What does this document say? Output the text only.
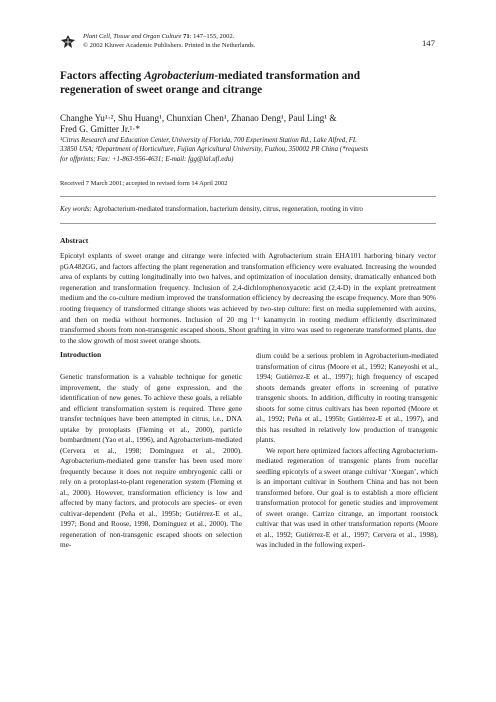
Plant Cell, Tissue and Organ Culture 71: 147–155, 2002.
© 2002 Kluwer Academic Publishers. Printed in the Netherlands.	147
Factors affecting Agrobacterium-mediated transformation and
regeneration of sweet orange and citrange
Changhe Yu¹·², Shu Huang¹, Chunxian Chen¹, Zhanao Deng¹, Paul Ling¹ &
Fred G. Gmitter Jr.¹·*
¹Citrus Research and Education Center, University of Florida, 700 Experiment Station Rd., Lake Alfred, FL
33850 USA; ²Department of Horticulture, Fujian Agricultural University, Fuzhou, 350002 PR China (*requests
for offprints; Fax: +1-863-956-4631; E-mail: fgg@lal.ufl.edu)
Received 7 March 2001; accepted in revised form 14 April 2002
Key words: Agrobacterium-mediated transformation, bacterium density, citrus, regeneration, rooting in vitro
Abstract
Epicotyl explants of sweet orange and citrange were infected with Agrobacterium strain EHA101 harboring binary vector pGA482GG, and factors affecting the plant regeneration and transformation efficiency were evaluated. Increasing the wounded area of explants by cutting longitudinally into two halves, and optimization of inoculation density, dramatically enhanced both regeneration and transformation frequency. Inclusion of 2,4-dichlorophenoxyacetic acid (2,4-D) in the explant pretreatment medium and the co-culture medium improved the transformation efficiency by decreasing the escape frequency. More than 90% rooting frequency of transformed citrange shoots was achieved by two-step culture: first on media supplemented with auxins, and then on media without hormones. Inclusion of 20 mg l⁻¹ kanamycin in rooting medium efficiently discriminated transformed shoots from non-transgenic escaped shoots. Shoot grafting in vitro was used to regenerate transformed plants, due to the slow growth of most sweet orange shoots.
Introduction

Genetic transformation is a valuable technique for genetic improvement, the study of gene expression, and the identification of new genes. To achieve these goals, a reliable and efficient transformation system is required. Three gene transfer techniques have been attempted in citrus, i.e., DNA uptake by protoplasts (Fleming et al., 2000), particle bombardment (Yao et al., 1996), and Agrobacterium-mediated (Cervera et al., 1998; Domínguez et al., 2000). Agrobacterium-mediated gene transfer has been used more frequently because it does not require embryogenic calli or rely on a protoplast-to-plant regeneration system (Fleming et al., 2000). However, transformation efficiency is low and affected by many factors, and protocols are species- or even cultivar-dependent (Peña et al., 1995b; Gutiérrez-E et al., 1997; Bond and Roose, 1998, Domínguez et al., 2000). The regeneration of non-transgenic escaped shoots on selection me-

dium could be a serious problem in Agrobacterium-mediated transformation of citrus (Moore et al., 1992; Kaneyoshi et al., 1994; Gutiérrez-E et al., 1997); high frequency of escaped shoots demands greater efforts in screening of putative transgenic shoots. In addition, difficulty in rooting transgenic shoots for some citrus cultivars has been reported (Moore et al., 1992; Peña et al., 1995b; Gutiérrez-E et al., 1997), and this has resulted in relatively low production of transgenic plants.

We report here optimized factors affecting Agrobacterium-mediated regeneration of transgenic plants from nucellar seedling epicotyls of a sweet orange cultivar ‘Xuegan’, which is an important cultivar in Southern China and has not been transformed before. Our goal is to establish a more efficient transformation protocol for genetic studies and improvement of sweet orange. Carrizo citrange, an important rootstock cultivar that was used in other transformation reports (Moore et al., 1992; Gutiérrez-E et al., 1997; Cervera et al., 1998), was included in the following experi-
